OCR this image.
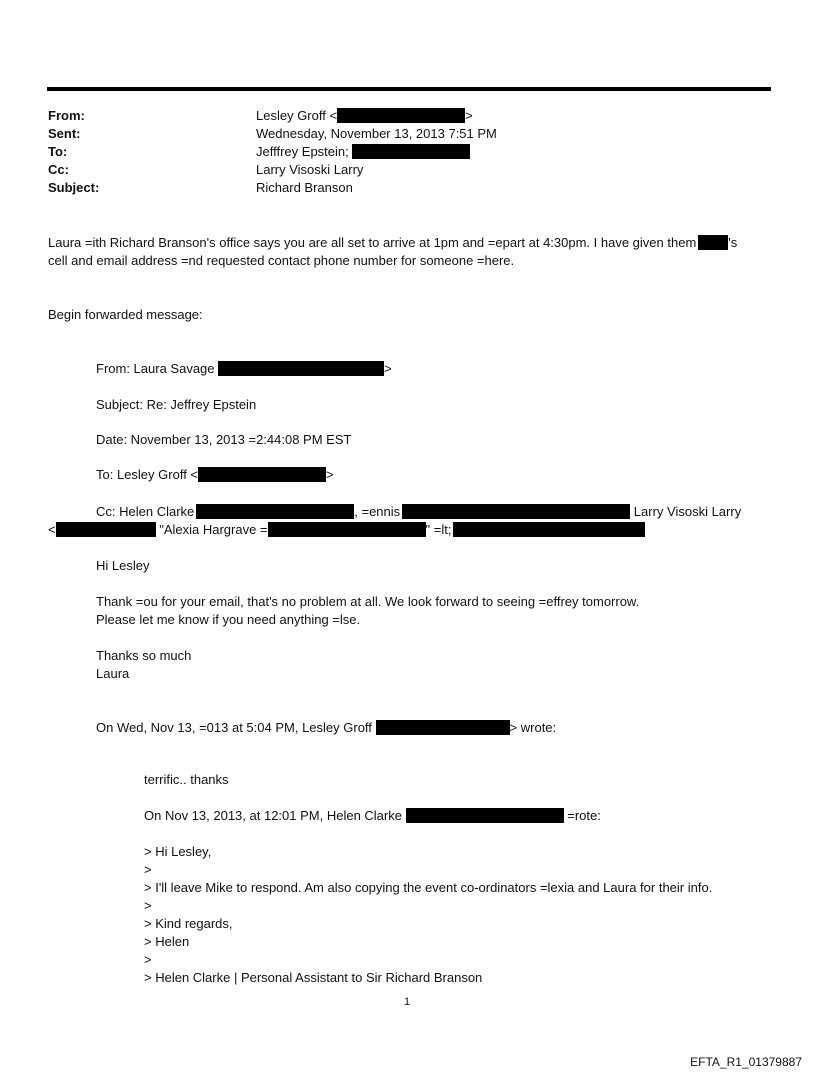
From:	Lesley Groff <	>
Sent:	Wednesday, November 13, 2013 7:51 PM
To:	Jefffrey Epstein;
Cc:	Larry Visoski Larry
Subject:	Richard Branson
Laura =ith Richard Branson's office says you are all set to arrive at 1pm and =epart at 4:30pm. I have given them 's
cell and email address =nd requested contact phone number for someone =here.
Begin forwarded message:
From: Laura Savage	>
Subject: Re: Jeffrey Epstein
Date: November 13, 2013 =2:44:08 PM EST
To: Lesley Groff <	>
Cc: Helen Clarke	, =ennis	Larry Visoski Larry
<	"Alexia Hargrave =	" =lt;
Hi Lesley
Thank =ou for your email, that's no problem at all. We look forward to seeing =effrey tomorrow.
Please let me know if you need anything =lse.
Thanks so much
Laura
On Wed, Nov 13, =013 at 5:04 PM, Lesley Groff	> wrote:
terrific.. thanks
On Nov 13, 2013, at 12:01 PM, Helen Clarke	=rote:
> Hi Lesley,
>
> I'll leave Mike to respond. Am also copying the event co-ordinators =lexia and Laura for their info.
>
> Kind regards,
> Helen
>
> Helen Clarke | Personal Assistant to Sir Richard Branson
1
EFTA_R1_01379887
